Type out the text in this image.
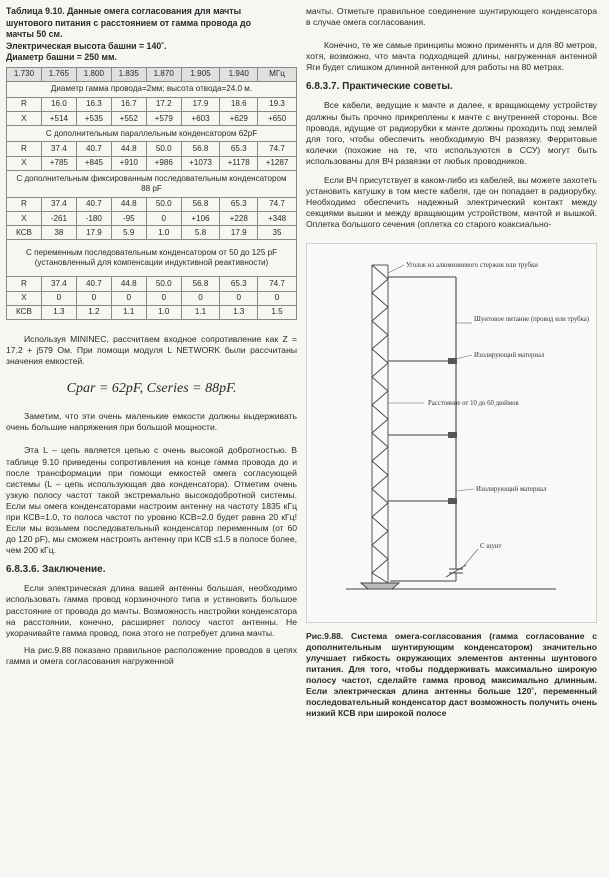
Таблица 9.10. Данные омега согласования для мачты

шунтового питания с расстоянием от гамма провода до

мачты 50 см.

Электрическая высота башни = 140˚.

Диаметр башни = 250 мм.

1.730	1.765	1.800	1.835	1.870	1.905	1.940	МГц
Диаметр гамма провода=2мм; высота отвода=24.0 м.							
R	16.0	16.3	16.7	17.2	17.9	18.6	19.3
X	+514	+535	+552	+579	+603	+629	+650
С дополнительным параллельным конденсатором 62pF							
R	37.4	40.7	44.8	50.0	56.8	65.3	74.7
X	+785	+845	+910	+986	+1073	+1178	+1287
С дополнительным фиксированным последовательным конденсатором 88 pF							
R	37.4	40.7	44.8	50.0	56.8	65.3	74.7
X	-261	-180	-95	0	+106	+228	+348
КСВ	38	17.9	5.9	1.0	5.8	17.9	35
С переменным последовательным конденсатором от 50 до 125 pF (установленный для компенсации индуктивной реактивности)							
R	37.4	40.7	44.8	50.0	56.8	65.3	74.7
X	0	0	0	0	0	0	0
КСВ	1.3	1.2	1.1	1.0	1.1	1.3	1.5

Используя MININEC, рассчитаем входное сопротивление как Z = 17.2 + j579 Ом. При помощи модуля L NETWORK были рассчитаны значения емкостей.

Cpar = 62pF, Cseries = 88pF.

Заметим, что эти очень маленькие емкости должны выдерживать очень большие напряжения при большой мощности.

Эта L – цепь является цепью с очень высокой добротностью. В таблице 9.10 приведены сопротивления на конце гамма провода до и после трансформации при помощи емкостей омега согласующей системы (L – цепь использующая два конденсатора). Отметим очень узкую полосу частот такой экстремально высокодобротной системы. Если мы омега конденсаторами настроим антенну на частоту 1835 кГц при КСВ=1.0, то полоса частот по уровню КСВ=2.0 будет равна 20 кГц! Если мы возьмем последовательный конденсатор переменным (от 60 до 120 pF), мы сможем настроить антенну при КСВ ≤1.5 в полосе более, чем 200 кГц.

6.8.3.6. Заключение.

Если электрическая длина вашей антенны большая, необходимо использовать гамма провод корзиночного типа и установить большое расстояние от провода до мачты. Возможность настройки конденсатора на расстоянии, конечно, расширяет полосу частот антенны. Не укорачивайте гамма провод, пока этого не потребует длина мачты.

На рис.9.88 показано правильное расположение проводов в цепях гамма и омега согласования нагруженной

мачты. Отметьте правильное соединение шунтирующего конденсатора в случае омега согласования.

Конечно, те же самые принципы можно применять и для 80 метров, хотя, возможно, что мачта подходящей длины, нагруженная антенной Яги будет слишком длинной антенной для работы на 80 метрах.

6.8.3.7. Практические советы.

Все кабели, ведущие к мачте и далее, к вращающему устройству должны быть прочно прикреплены к мачте с внутренней стороны. Все провода, идущие от радиорубки к мачте должны проходить под землей для того, чтобы обеспечить необходимую ВЧ развязку. Ферритовые колечки (похожие на те, что используются в ССУ) могут быть использованы для ВЧ развязки от любых проводников.

Если ВЧ присутствует в каком-либо из кабелей, вы можете захотеть установить катушку в том месте кабеля, где он попадает в радиорубку. Необходимо обеспечить надежный электрический контакт между секциями вышки и между вращающим устройством, мачтой и вышкой. Оплетка большого сечения (оплетка со старого коаксиально-

Уголок из алюминиевого стержня или трубки
Шунтовое питание (провод или трубка)
Изолирующий материал
Расстояние от 10 до 60 дюймов
Изолирующий материал
С шунт

Рис.9.88. Система омега-согласования (гамма согласование с дополнительным шунтирующим конденсатором) значительно улучшает гибкость окружающих элементов антенны шунтового питания. Для того, чтобы поддерживать максимально широкую полосу частот, сделайте гамма провод максимально длинным. Если электрическая длина антенны больше 120˚, переменный последовательный конденсатор даст возможность получить очень низкий КСВ при широкой полосе
